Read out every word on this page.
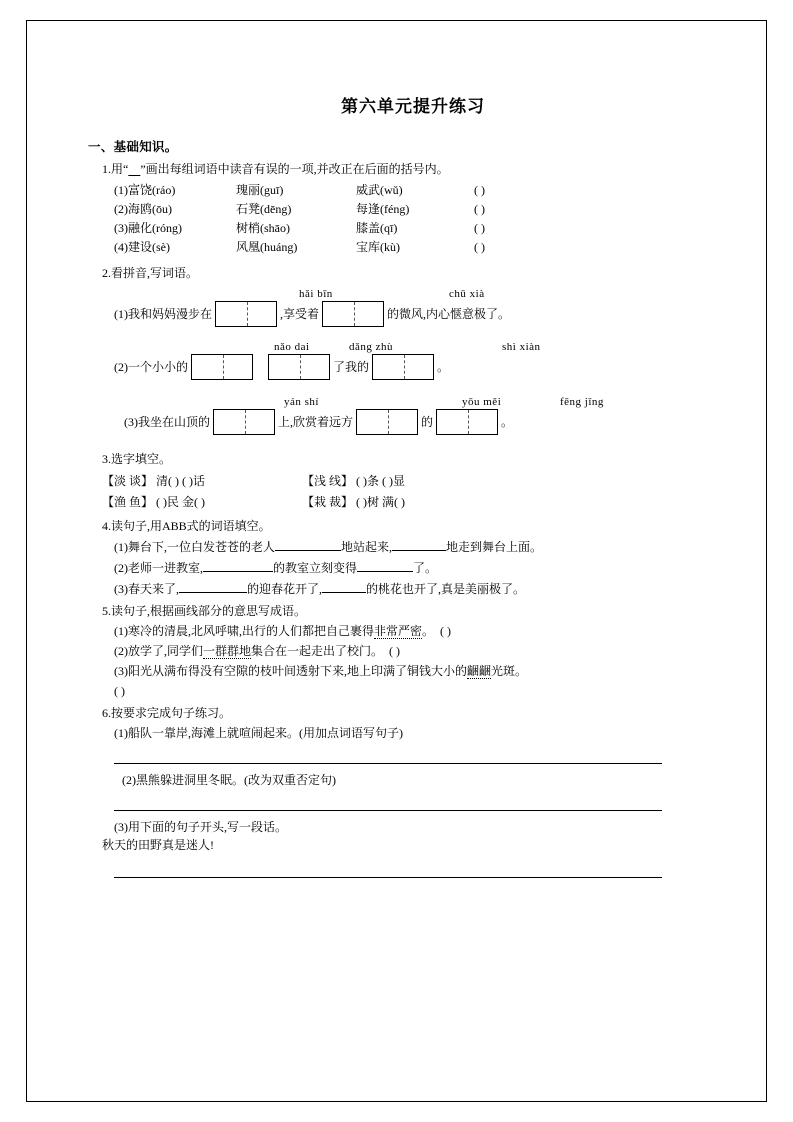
第六单元提升练习
一、基础知识。
1.用“ ”画出每组词语中读音有误的一项,并改正在后面的括号内。
(1)富饶(ráo)	瑰丽(guī)	威武(wǔ)	( )
(2)海鸥(ōu)	石凳(dēng)	每逢(féng)	( )
(3)融化(róng)	树梢(shāo)	膝盖(qī)	( )
(4)建设(sè)	风凰(huáng)	宝库(kù)	( )
2.看拼音,写词语。
hǎi bīn	chū xià
(1)我和妈妈漫步在	,享受着	的微风,内心惬意极了。
nǎo dai	dǎng zhù	shì xiàn
(2)一个小小的
	了我的	。
yán shí	yōu měi	fēng jǐng
(3)我坐在山顶的	上,欣赏着远方	的	。
3.选字填空。
【淡 谈】 清( ) ( )话	【浅 线】 ( )条 ( )显
【渔 鱼】 ( )民 金( )	【栽 裁】 ( )树 满( )
4.读句子,用ABB式的词语填空。
(1)舞台下,一位白发苍苍的老人	地站起来,	地走到舞台上面。
(2)老师一进教室,	的教室立刻变得	了。
(3)春天来了,	的迎春花开了,	的桃花也开了,真是美丽极了。
5.读句子,根据画线部分的意思写成语。
(1)寒冷的清晨,北风呼啸,出行的人们都把自己裹得非常严密。 ( )
(2)放学了,同学们一群群地集合在一起走出了校门。 ( )
(3)阳光从满布得没有空隙的枝叶间透射下来,地上印满了铜钱大小的齫齫光斑。
( )
6.按要求完成句子练习。
(1)船队一靠岸,海滩上就喧闹起来。(用加点词语写句子)
(2)黑熊躲进洞里冬眠。(改为双重否定句)
(3)用下面的句子开头,写一段话。
秋天的田野真是迷人!
